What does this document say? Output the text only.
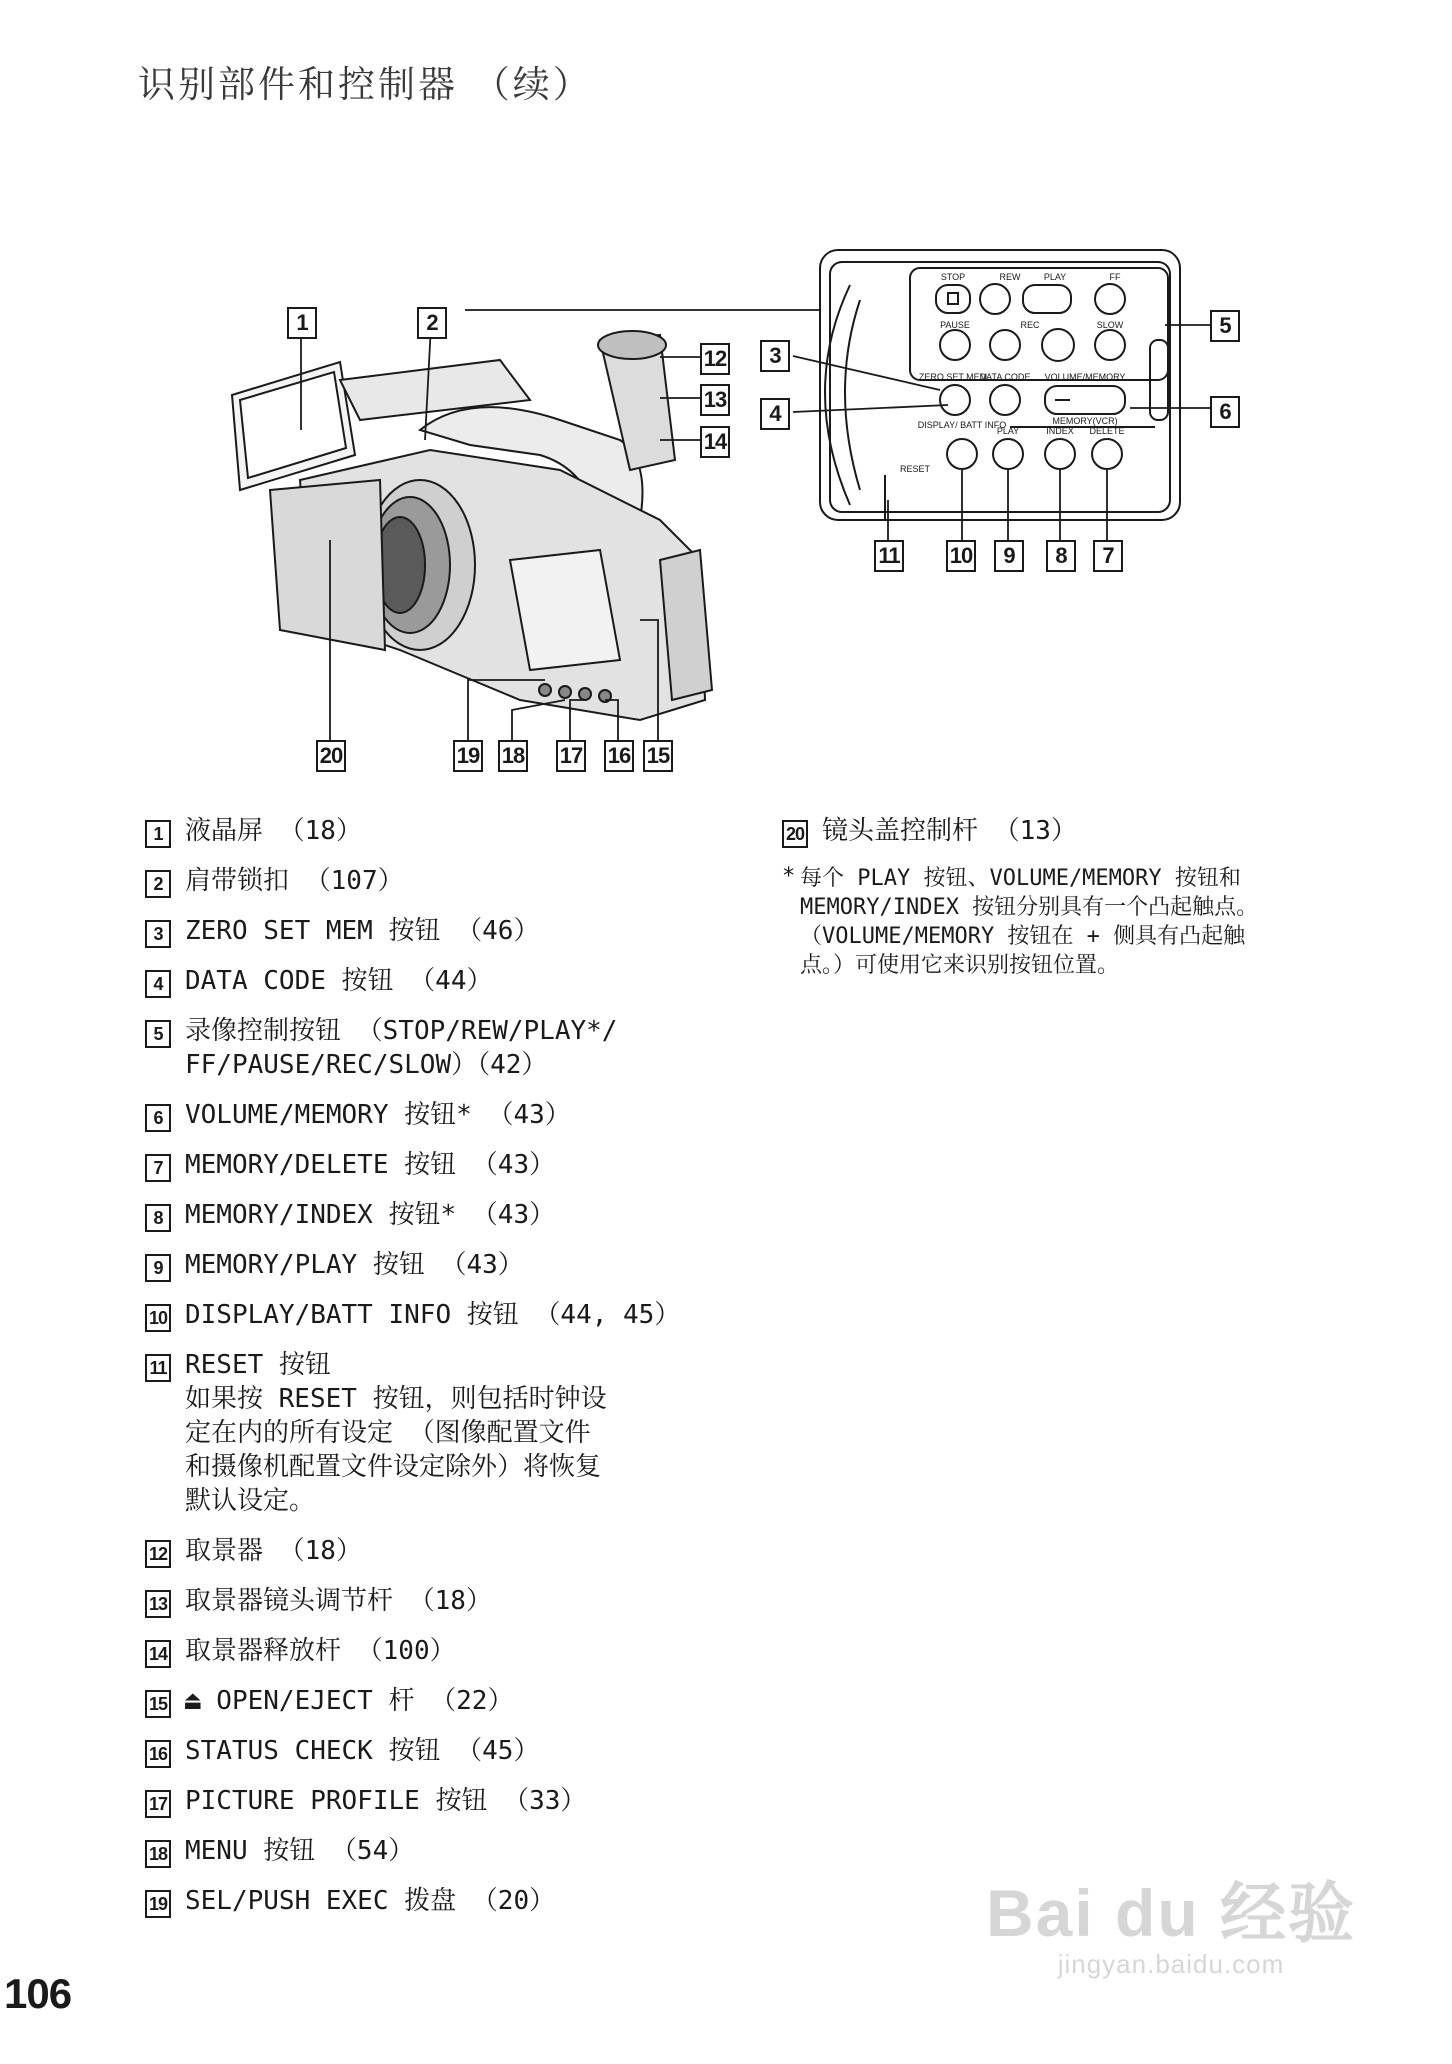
识别部件和控制器 （续）
STOP	REW	PLAY	FF
PAUSE	REC	SLOW
ZERO SET MEM
DATA CODE VOLUME/MEMORY
MEMORY(VCR)
DISPLAY/ BATT INFO
PLAY	INDEX DELETE
RESET
1	2
3
4
5
6
7
8
9
10
11
12
13
14
15
16
17
18
19
20
1 液晶屏 （18）
2 肩带锁扣 （107）
3 ZERO SET MEM 按钮 （46）
4 DATA CODE 按钮 （44）
5 录像控制按钮 （STOP/REW/PLAY*/
FF/PAUSE/REC/SLOW）（42）
6 VOLUME/MEMORY 按钮* （43）
7 MEMORY/DELETE 按钮 （43）
8 MEMORY/INDEX 按钮* （43）
9 MEMORY/PLAY 按钮 （43）
10 DISPLAY/BATT INFO 按钮 （44, 45）
11 RESET 按钮
如果按 RESET 按钮，则包括时钟设
定在内的所有设定 （图像配置文件
和摄像机配置文件设定除外）将恢复
默认设定。
12 取景器 （18）
13 取景器镜头调节杆 （18）
14 取景器释放杆 （100）
15 ⏏ OPEN/EJECT 杆 （22）
16 STATUS CHECK 按钮 （45）
17 PICTURE PROFILE 按钮 （33）
18 MENU 按钮 （54）
19 SEL/PUSH EXEC 拨盘 （20）
20 镜头盖控制杆 （13）
* 每个 PLAY 按钮、VOLUME/MEMORY 按钮和
MEMORY/INDEX 按钮分别具有一个凸起触点。
（VOLUME/MEMORY 按钮在 + 侧具有凸起触
点。）可使用它来识别按钮位置。
106
Bai du 经验
jingyan.baidu.com
